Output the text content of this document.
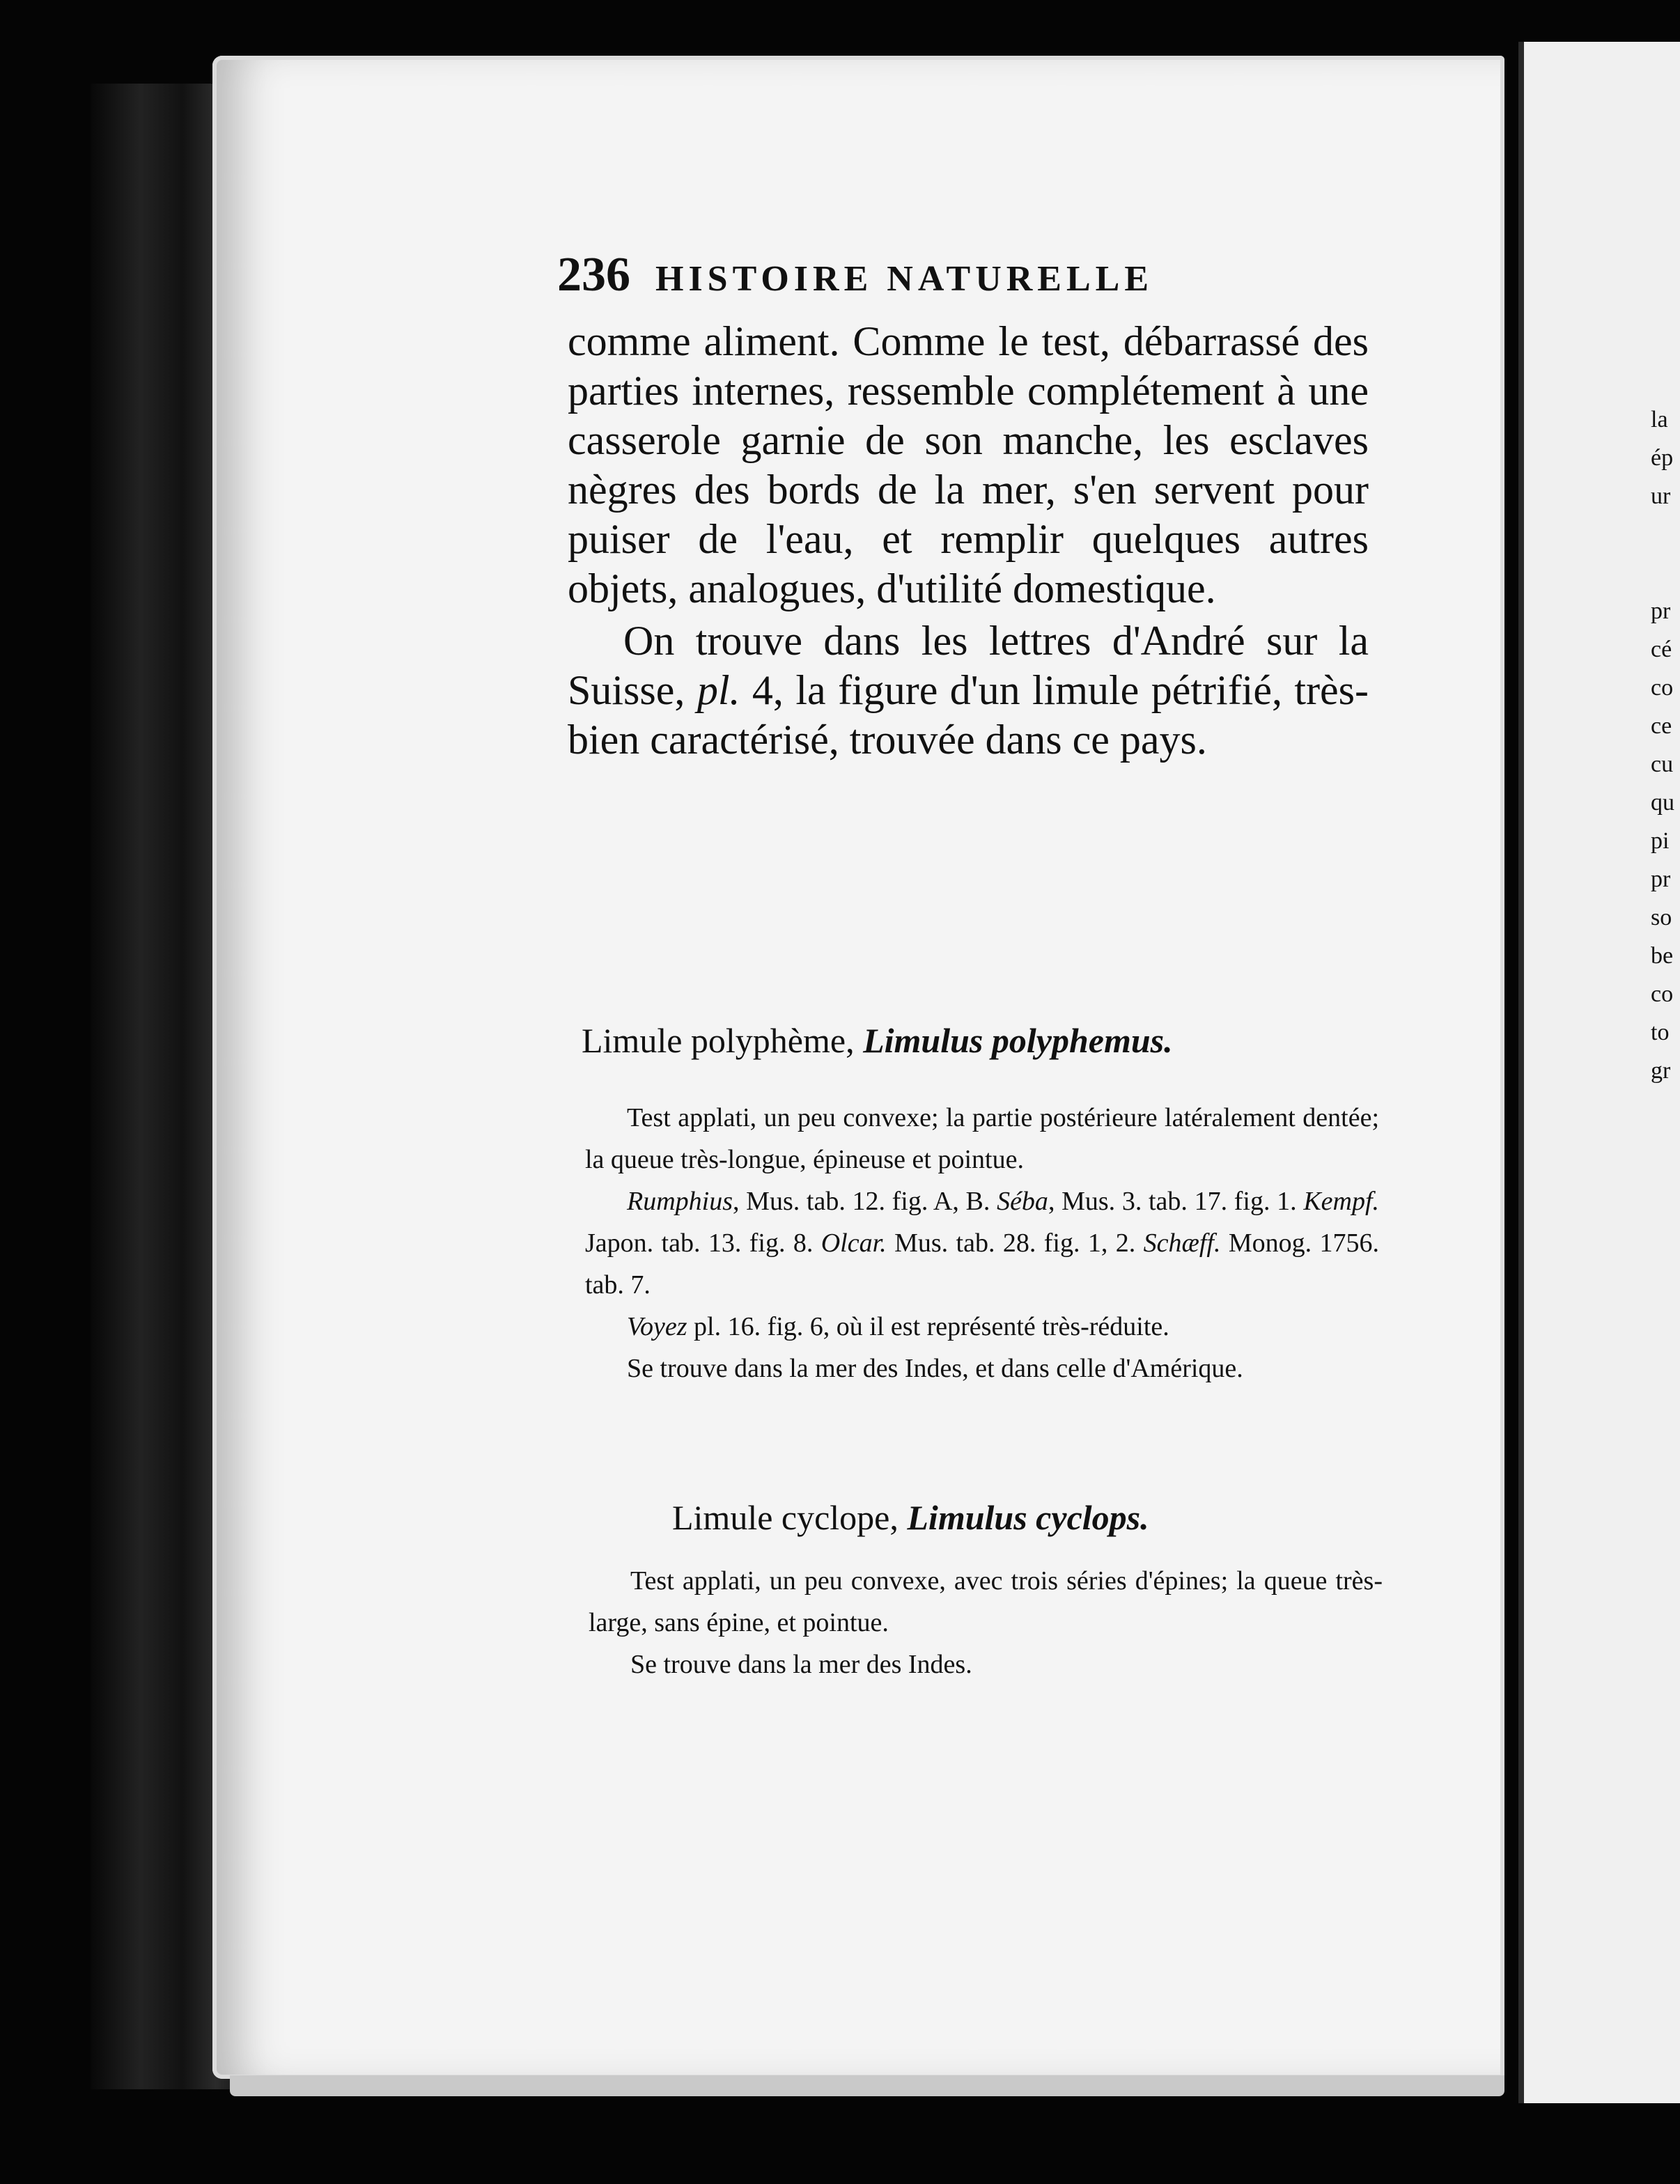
la
ép
ur
pr
cé
co
ce
cu
qu
pi
pr
so
be
co
to
gr
236 HISTOIRE NATURELLE

comme aliment. Comme le test, débarrassé des parties internes, ressemble complétement à une casserole garnie de son manche, les esclaves nègres des bords de la mer, s'en servent pour puiser de l'eau, et remplir quelques autres objets, analogues, d'utilité domestique.

On trouve dans les lettres d'André sur la Suisse, pl. 4, la figure d'un limule pétrifié, très-bien caractérisé, trouvée dans ce pays.

Limule polyphème, Limulus polyphemus.

Test applati, un peu convexe; la partie postérieure latéralement dentée; la queue très-longue, épineuse et pointue.

Rumphius, Mus. tab. 12. fig. A, B. Séba, Mus. 3. tab. 17. fig. 1. Kempf. Japon. tab. 13. fig. 8. Olcar. Mus. tab. 28. fig. 1, 2. Schæff. Monog. 1756. tab. 7.

Voyez pl. 16. fig. 6, où il est représenté très-réduite.

Se trouve dans la mer des Indes, et dans celle d'Amérique.

Limule cyclope, Limulus cyclops.

Test applati, un peu convexe, avec trois séries d'épines; la queue très-large, sans épine, et pointue.

Se trouve dans la mer des Indes.
